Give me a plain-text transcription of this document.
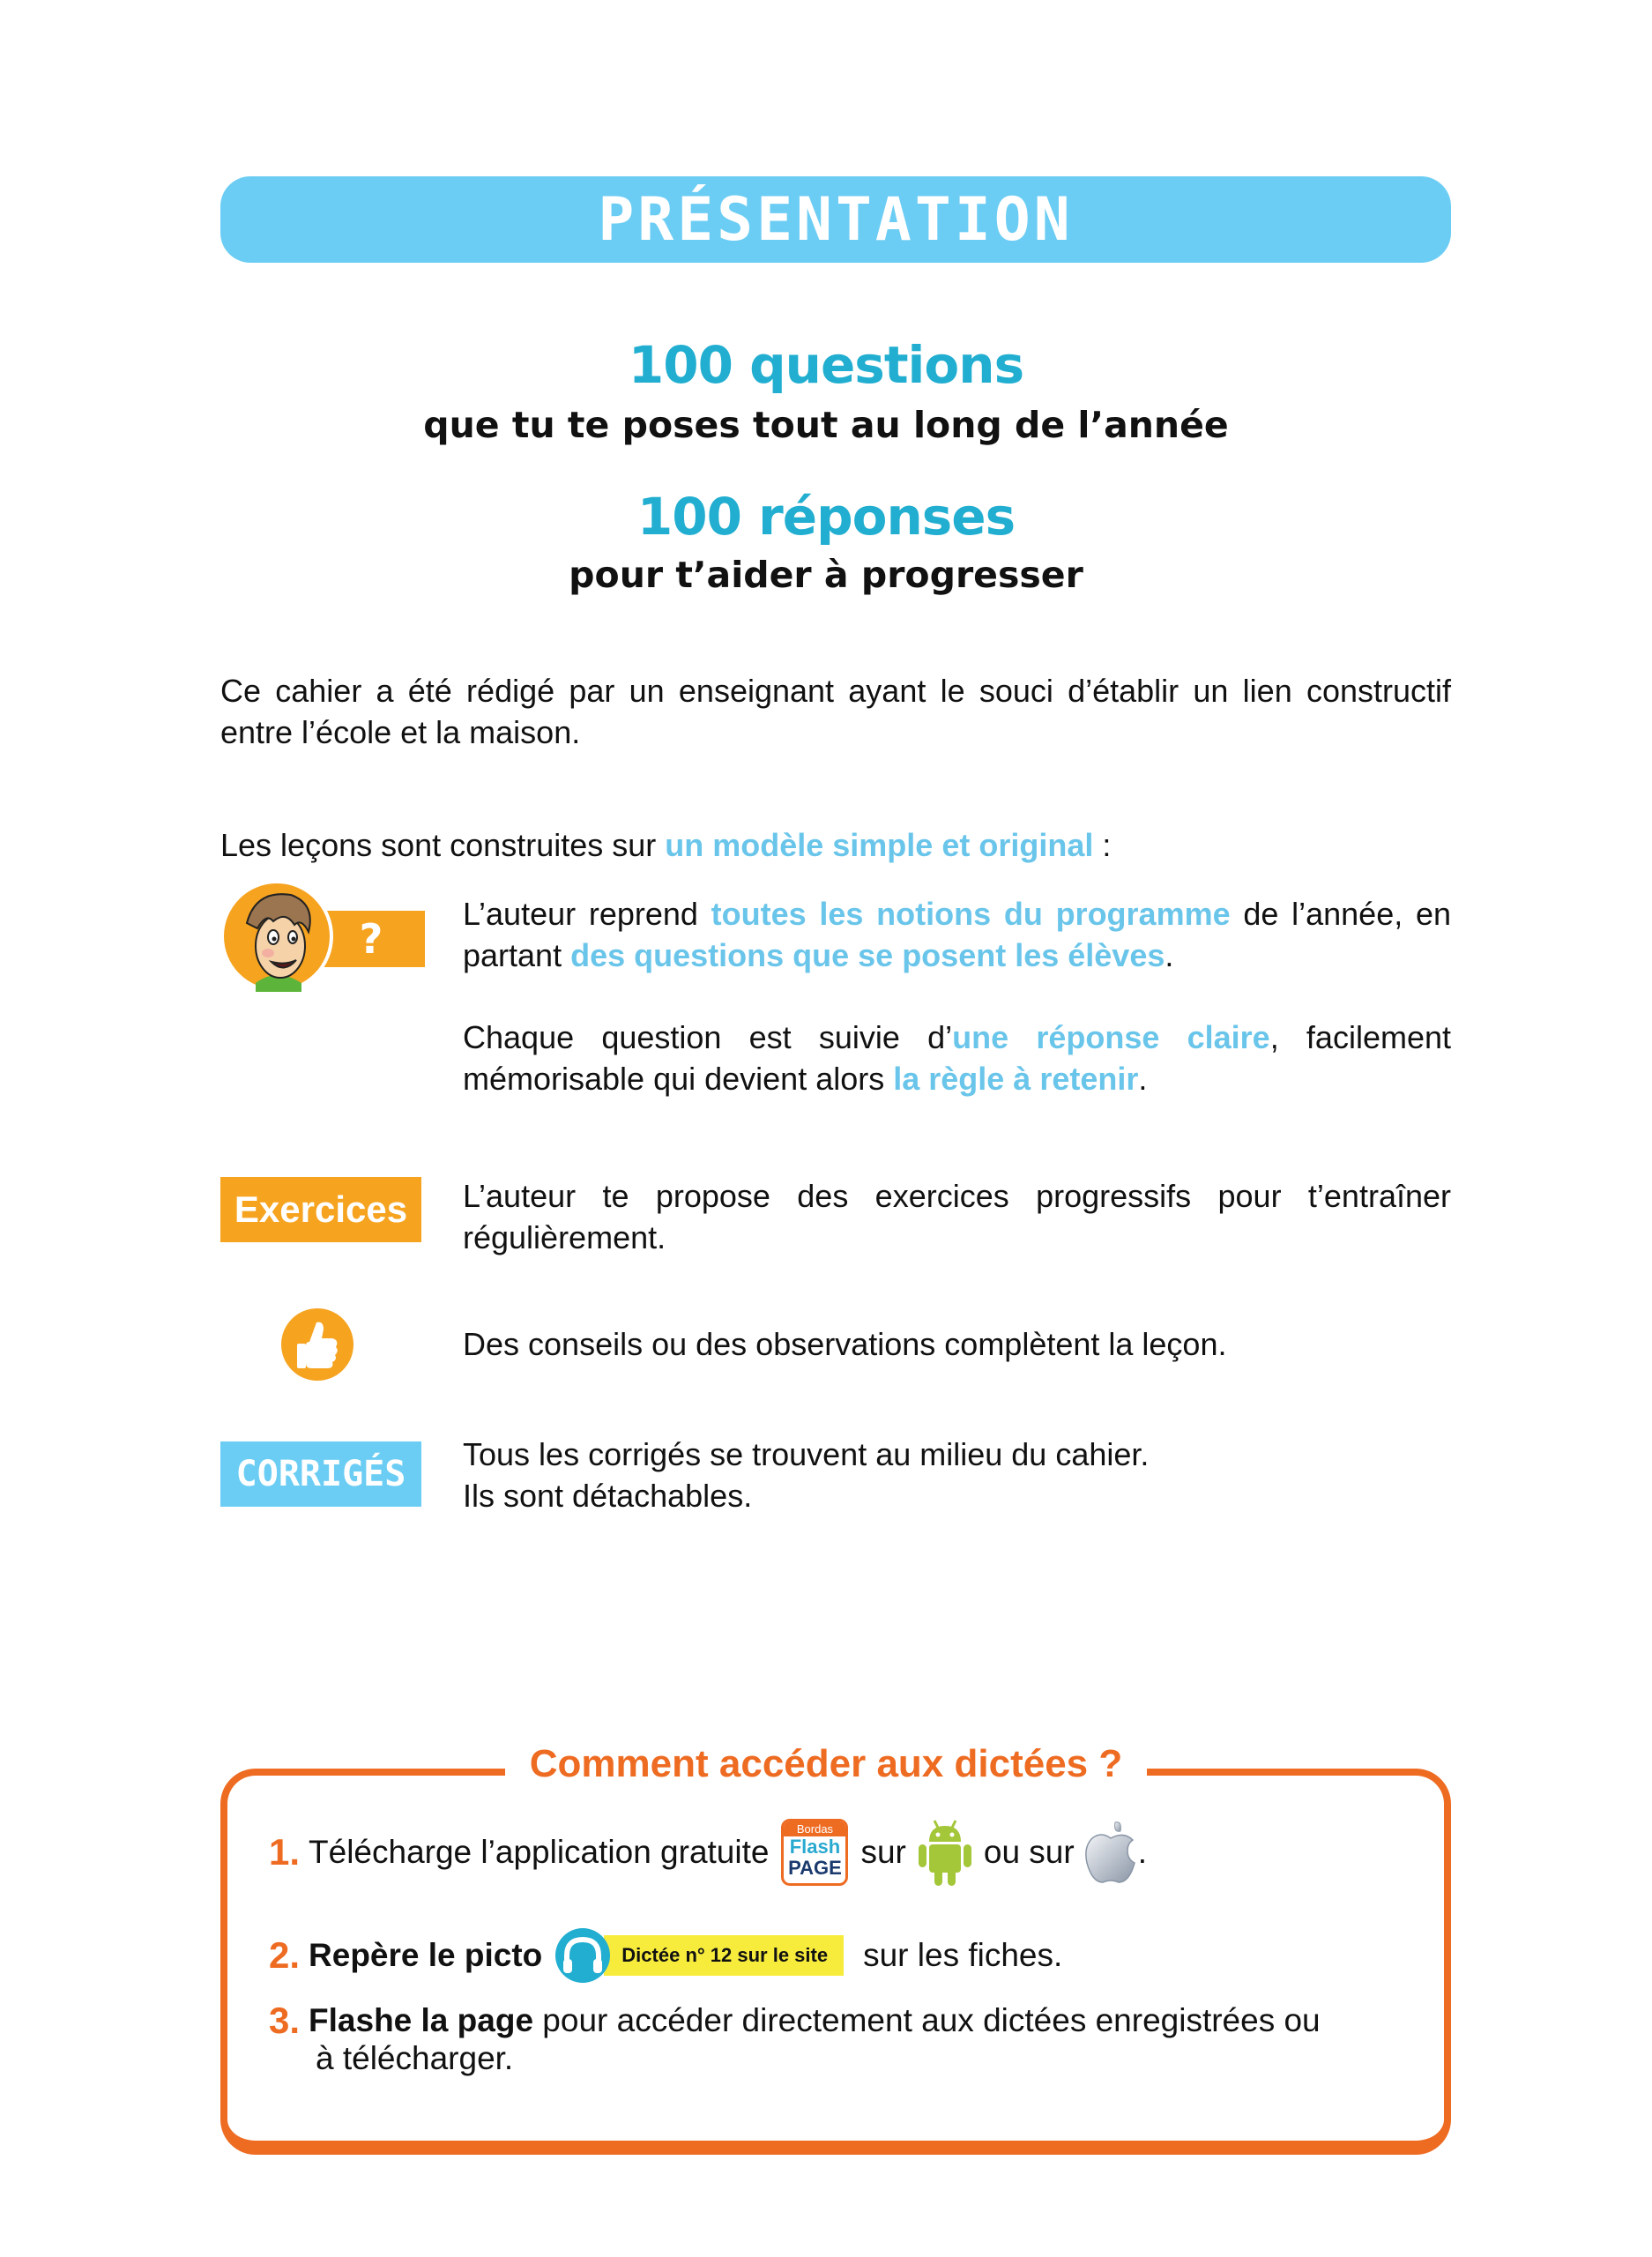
PRÉSENTATION
100 questions
que tu te poses tout au long de l’année
100 réponses
pour t’aider à progresser
Ce cahier a été rédigé par un enseignant ayant le souci d’établir un lien constructif entre l’école et la maison.
Les leçons sont construites sur un modèle simple et original :
?
L’auteur reprend toutes les notions du programme de l’année, en partant des questions que se posent les élèves.
Chaque question est suivie d’une réponse claire, facilement mémorisable qui devient alors la règle à retenir.
Exercices	L’auteur te propose des exercices progressifs pour t’entraîner régulièrement.
Des conseils ou des observations complètent la leçon.
CORRIGÉS	Tous les corrigés se trouvent au milieu du cahier.
Ils sont détachables.
Comment accéder aux dictées ?
1. Télécharge l’application gratuite
Bordas
Flash
PAGE sur ou sur .
2. Repère le picto	Dictée n° 12 sur le site	sur les fiches.
3. Flashe la page pour accéder directement aux dictées enregistrées ou
à télécharger.
